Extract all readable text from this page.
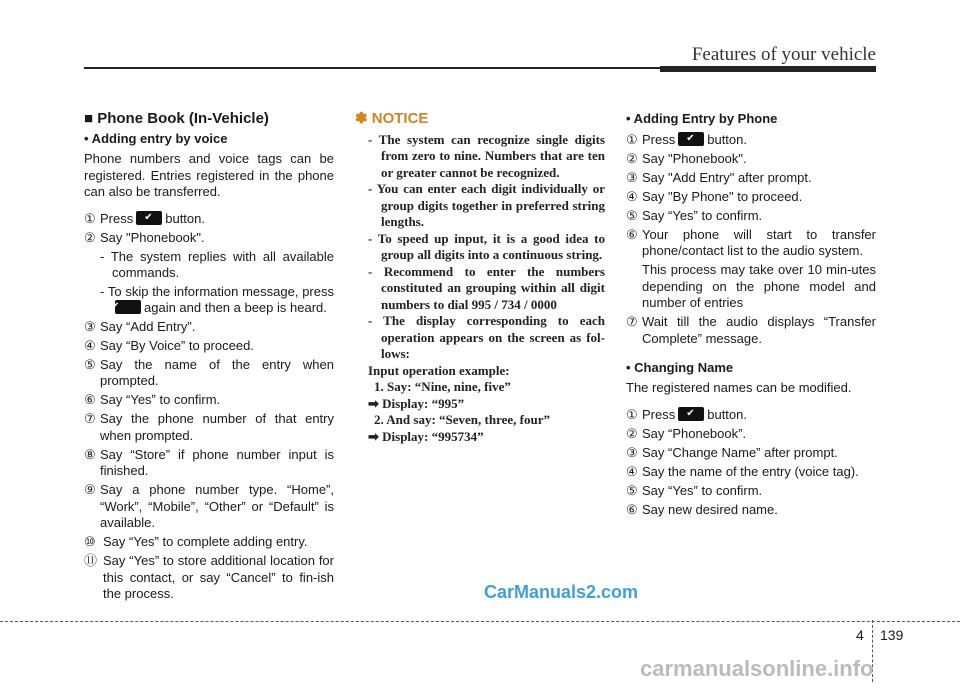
Features of your vehicle
■ Phone Book (In-Vehicle)
• Adding entry by voice
Phone numbers and voice tags can be registered. Entries registered in the phone can also be transferred.
① Press ✔ button.
② Say "Phonebook".
- The system replies with all available commands.
- To skip the information message, press✔again and then a beep is heard.
③ Say “Add Entry”.
④ Say “By Voice” to proceed.
⑤ Say the name of the entry when prompted.
⑥ Say “Yes” to confirm.
⑦ Say the phone number of that entry when prompted.
⑧ Say “Store” if phone number input is finished.
⑨ Say a phone number type. “Home”, “Work”, “Mobile”, “Other” or “Default” is available.
⑩ Say “Yes” to complete adding entry.
⑪ Say “Yes” to store additional location for this contact, or say “Cancel” to fin-ish the process.
✽ NOTICE
- The system can recognize single digits from zero to nine. Numbers that are ten or greater cannot be recognized.
- You can enter each digit individually or group digits together in preferred string lengths.
- To speed up input, it is a good idea to group all digits into a continuous string.
- Recommend to enter the numbers constituted an grouping within all digit numbers to dial 995 / 734 / 0000
- The display corresponding to each operation appears on the screen as fol-lows:
Input operation example:
1. Say: “Nine, nine, five”
➡ Display: “995”
2. And say: “Seven, three, four”
➡ Display: “995734”
• Adding Entry by Phone
① Press ✔ button.
② Say "Phonebook".
③ Say "Add Entry" after prompt.
④ Say "By Phone" to proceed.
⑤ Say “Yes” to confirm.
⑥ Your phone will start to transfer phone/contact list to the audio system.
This process may take over 10 min-utes depending on the phone model and number of entries
⑦ Wait till the audio displays “Transfer Complete” message.
• Changing Name
The registered names can be modified.
① Press ✔ button.
② Say “Phonebook”.
③ Say “Change Name” after prompt.
④ Say the name of the entry (voice tag).
⑤ Say “Yes” to confirm.
⑥ Say new desired name.
CarManuals2.com
4 139
carmanualsonline.info
